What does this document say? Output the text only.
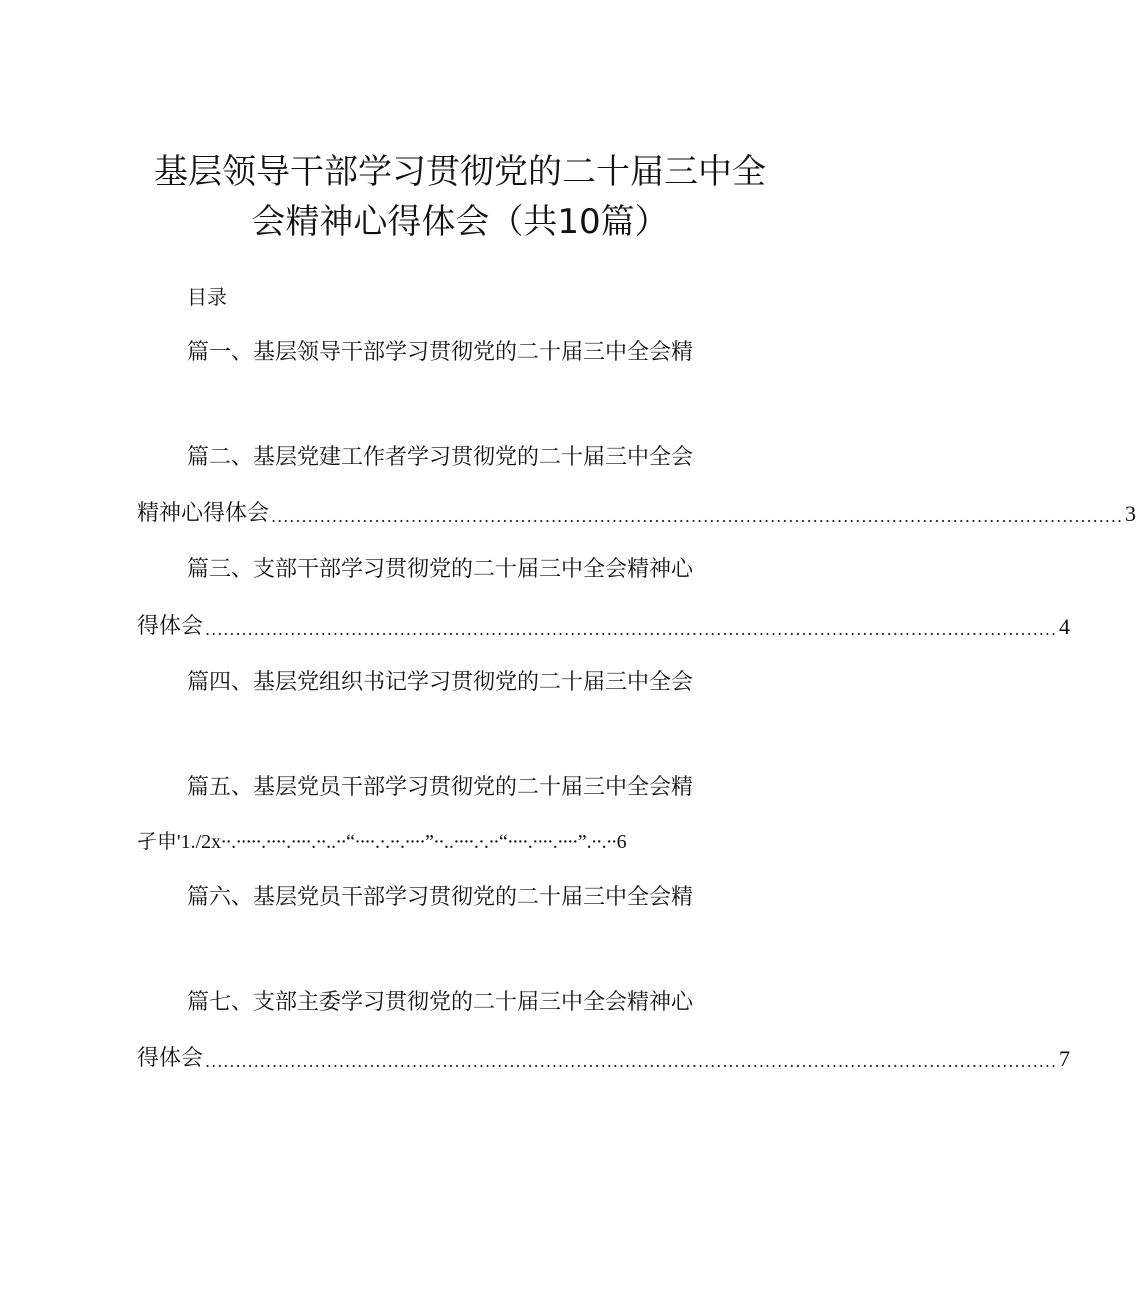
基层领导干部学习贯彻党的二十届三中全
会精神心得体会（共10篇）
目录
篇一、基层领导干部学习贯彻党的二十届三中全会精
篇二、基层党建工作者学习贯彻党的二十届三中全会
精神心得体会 ............................................................................................................................................ 3
篇三、支部干部学习贯彻党的二十届三中全会精神心
得体会 ............................................................................................................................................ 4
篇四、基层党组织书记学习贯彻党的二十届三中全会
篇五、基层党员干部学习贯彻党的二十届三中全会精
孑申'1./2x∙∙.∙∙∙∙∙.∙∙∙∙.∙∙∙∙.∙∙..∙∙“∙∙∙∙.∙.∙∙.∙∙∙∙”∙∙..∙∙∙∙.∙.∙∙“∙∙∙∙.∙∙∙∙.∙∙∙∙”.∙∙.∙∙6
篇六、基层党员干部学习贯彻党的二十届三中全会精
篇七、支部主委学习贯彻党的二十届三中全会精神心
得体会 ............................................................................................................................................ 7
